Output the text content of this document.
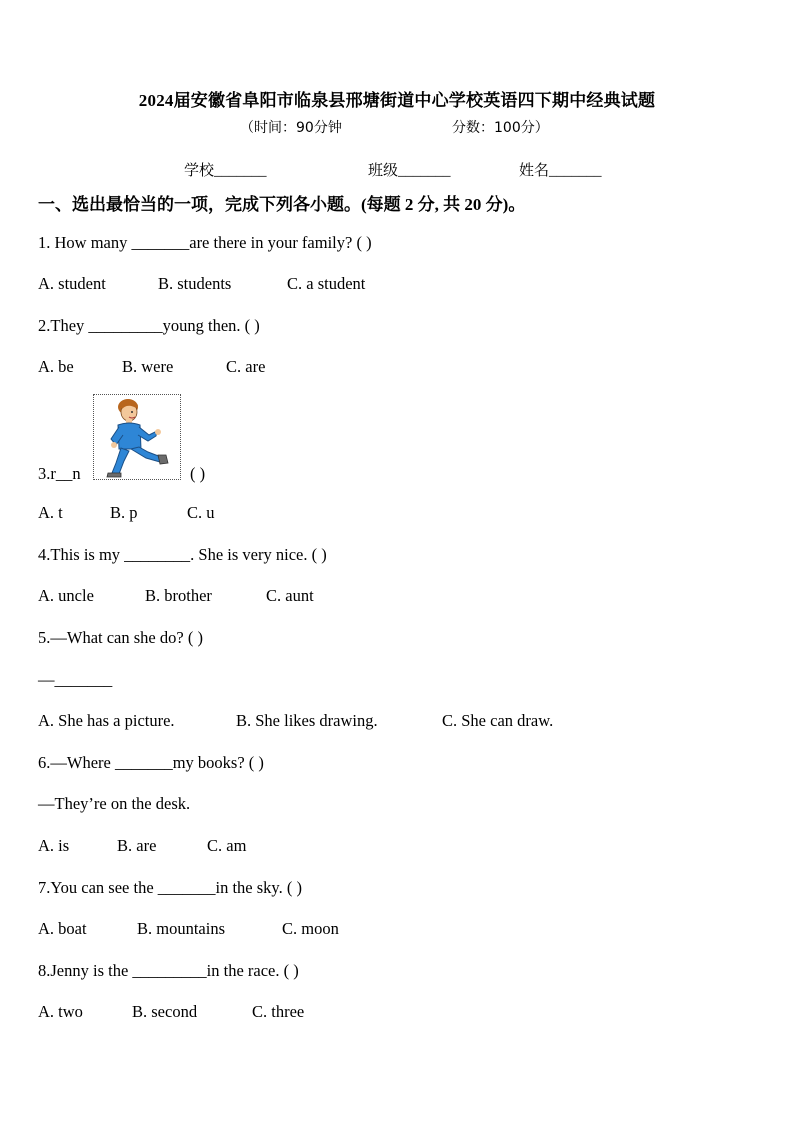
2024届安徽省阜阳市临泉县邢塘街道中心学校英语四下期中经典试题
（时间：90分钟	分数：100分）
学校_______	班级_______	姓名_______
一、选出最恰当的一项，完成下列各小题。(每题 2 分, 共 20 分)。
1. How many _______are there in your family? ( )
A. student	B. students	C. a student
2.They _________young then. ( )
A. be	B. were	C. are
3.r__n	( )
A. t	B. p	C. u
4.This is my ________. She is very nice. ( )
A. uncle	B. brother	C. aunt
5.—What can she do? ( )
—_______
A. She has a picture.	B. She likes drawing.	C. She can draw.
6.—Where _______my books? ( )
—They’re on the desk.
A. is	B. are	C. am
7.You can see the _______in the sky. ( )
A. boat	B. mountains	C. moon
8.Jenny is the _________in the race. ( )
A. two	B. second	C. three
